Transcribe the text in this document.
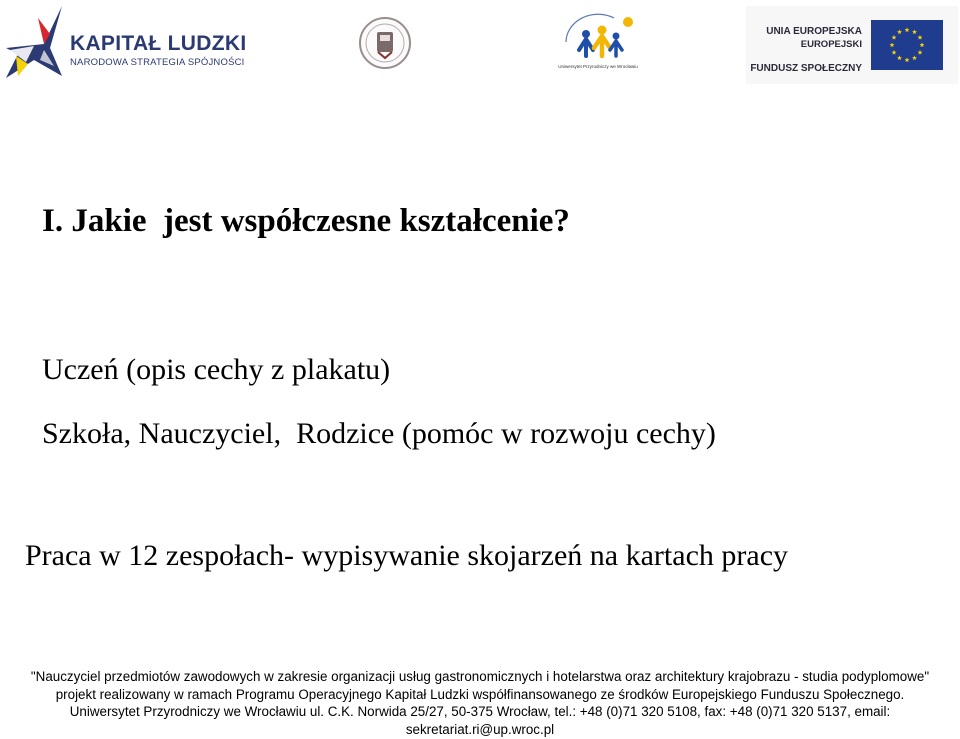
KAPITAŁ LUDZKI
NARODOWA STRATEGIA SPÓJNOŚCI	Uniwersytet Przyrodniczy we Wrocławiu
UNIA EUROPEJSKA
EUROPEJSKI
FUNDUSZ SPOŁECZNY
I. Jakie  jest współczesne kształcenie?
Uczeń (opis cechy z plakatu)
Szkoła, Nauczyciel,  Rodzice (pomóc w rozwoju cechy)
Praca w 12 zespołach- wypisywanie skojarzeń na kartach pracy
"Nauczyciel przedmiotów zawodowych w zakresie organizacji usług gastronomicznych i hotelarstwa oraz architektury krajobrazu - studia podyplomowe"
projekt realizowany w ramach Programu Operacyjnego Kapitał Ludzki współfinansowanego ze środków Europejskiego Funduszu Społecznego.
Uniwersytet Przyrodniczy we Wrocławiu ul. C.K. Norwida 25/27, 50-375 Wrocław, tel.: +48 (0)71 320 5108, fax: +48 (0)71 320 5137, email:
sekretariat.ri@up.wroc.pl
